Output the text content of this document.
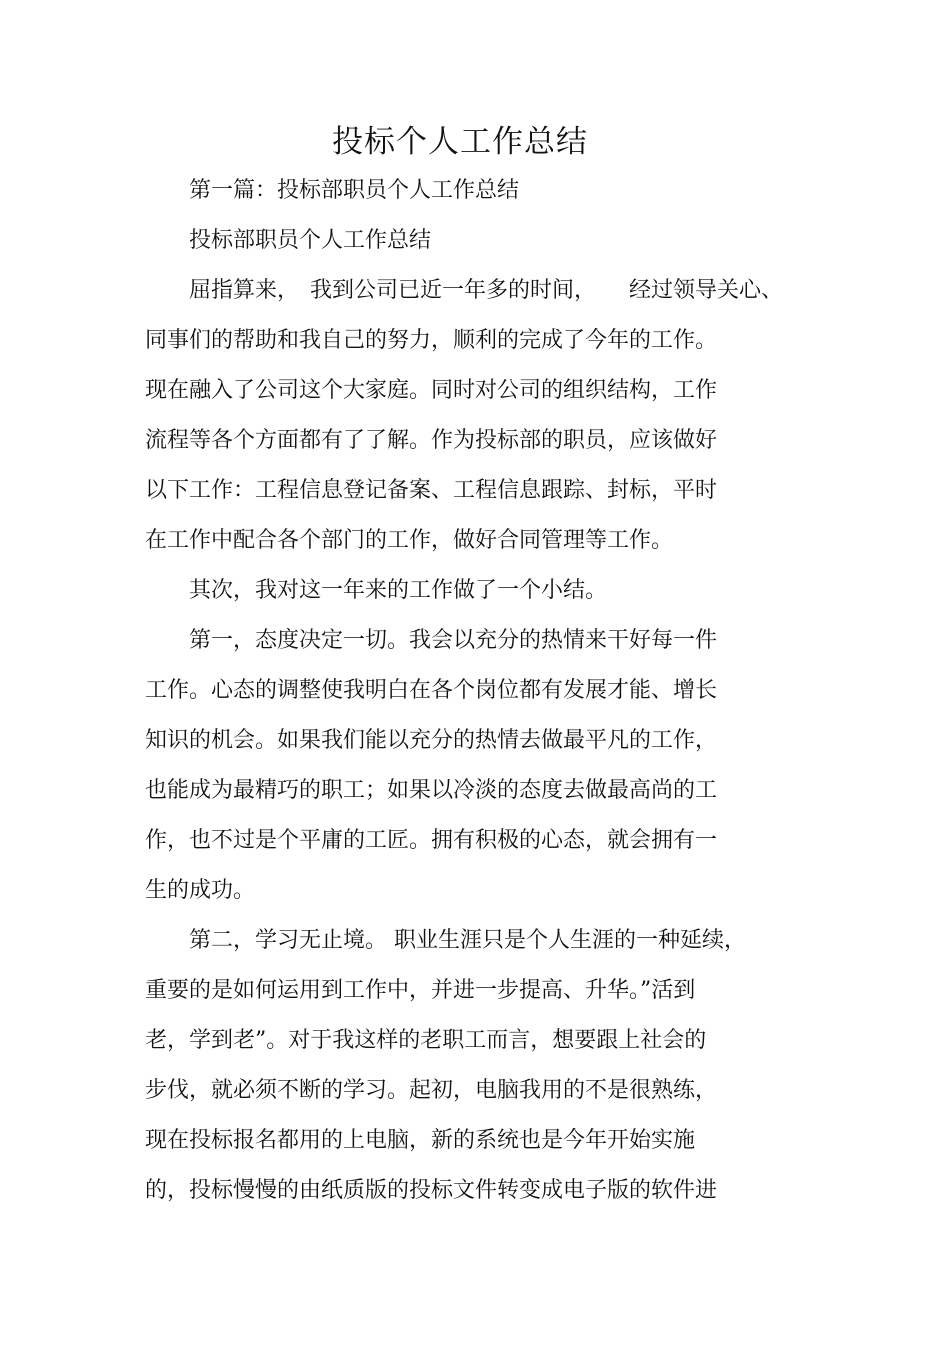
投标个人工作总结

　　第一篇：投标部职员个人工作总结

　　投标部职员个人工作总结

　　屈指算来，　我到公司已近一年多的时间，　　经过领导关心、

同事们的帮助和我自己的努力，顺利的完成了今年的工作。

现在融入了公司这个大家庭。同时对公司的组织结构，工作

流程等各个方面都有了了解。作为投标部的职员，应该做好

以下工作：工程信息登记备案、工程信息跟踪、封标，平时

在工作中配合各个部门的工作，做好合同管理等工作。

　　其次，我对这一年来的工作做了一个小结。

　　第一，态度决定一切。我会以充分的热情来干好每一件

工作。心态的调整使我明白在各个岗位都有发展才能、增长

知识的机会。如果我们能以充分的热情去做最平凡的工作，

也能成为最精巧的职工；如果以冷淡的态度去做最高尚的工

作，也不过是个平庸的工匠。拥有积极的心态，就会拥有一

生的成功。

　　第二，学习无止境。 职业生涯只是个人生涯的一种延续，

重要的是如何运用到工作中，并进一步提高、升华。”活到

老，学到老”。对于我这样的老职工而言，想要跟上社会的

步伐，就必须不断的学习。起初，电脑我用的不是很熟练，

现在投标报名都用的上电脑，新的系统也是今年开始实施

的，投标慢慢的由纸质版的投标文件转变成电子版的软件进
